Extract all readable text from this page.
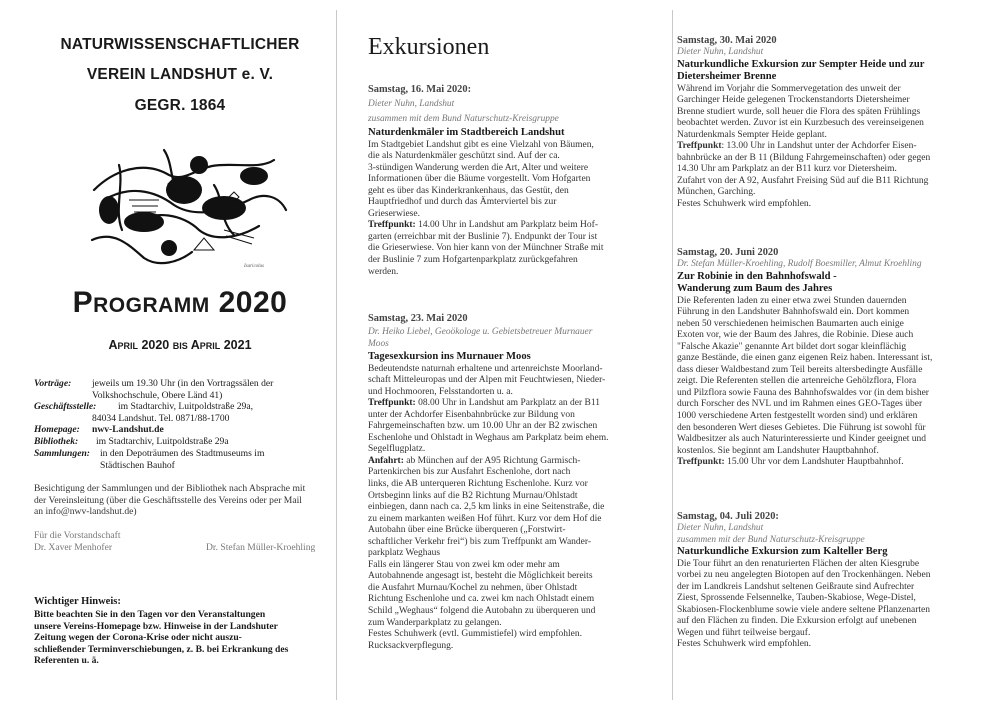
NATURWISSENSCHAFTLICHER
VEREIN LANDSHUT e. V.
GEGR. 1864
Isaricolus
Programm 2020
April 2020 bis April 2021
Vorträge: jeweils um 19.30 Uhr (in den Vortragssälen der
Volkshochschule, Obere Länd 41)
Geschäftsstelle: im Stadtarchiv, Luitpoldstraße 29a,
84034 Landshut. Tel. 0871/88-1700
Homepage: nwv-Landshut.de
Bibliothek: im Stadtarchiv, Luitpoldstraße 29a
Sammlungen: in den Depoträumen des Stadtmuseums im
Städtischen Bauhof
Besichtigung der Sammlungen und der Bibliothek nach Absprache mit
der Vereinsleitung (über die Geschäftsstelle des Vereins oder per Mail
an info@nwv-landshut.de)
Für die Vorstandschaft
Dr. Xaver Menhofer	Dr. Stefan Müller-Kroehling
Wichtiger Hinweis:
Bitte beachten Sie in den Tagen vor den Veranstaltungen
unsere Vereins-Homepage bzw. Hinweise in der Landshuter
Zeitung wegen der Corona-Krise oder nicht auszu-
schließender Terminverschiebungen, z. B. bei Erkrankung des
Referenten u. ä.
Exkursionen
Samstag, 16. Mai 2020:
Dieter Nuhn, Landshut
zusammen mit dem Bund Naturschutz-Kreisgruppe
Naturdenkmäler im Stadtbereich Landshut
Im Stadtgebiet Landshut gibt es eine Vielzahl von Bäumen,
die als Naturdenkmäler geschützt sind. Auf der ca.
3-stündigen Wanderung werden die Art, Alter und weitere
Informationen über die Bäume vorgestellt. Vom Hofgarten
geht es über das Kinderkrankenhaus, das Gestüt, den
Hauptfriedhof und durch das Ämterviertel bis zur
Grieserwiese.
Treffpunkt: 14.00 Uhr in Landshut am Parkplatz beim Hof-
garten (erreichbar mit der Buslinie 7). Endpunkt der Tour ist
die Grieserwiese. Von hier kann von der Münchner Straße mit
der Buslinie 7 zum Hofgartenparkplatz zurückgefahren
werden.
Samstag, 23. Mai 2020
Dr. Heiko Liebel, Geoökologe u. Gebietsbetreuer Murnauer
Moos
Tagesexkursion ins Murnauer Moos
Bedeutendste naturnah erhaltene und artenreichste Moorland-
schaft Mitteleuropas und der Alpen mit Feuchtwiesen, Nieder-
und Hochmooren, Felsstandorten u. a.
Treffpunkt: 08.00 Uhr in Landshut am Parkplatz an der B11
unter der Achdorfer Eisenbahnbrücke zur Bildung von
Fahrgemeinschaften bzw. um 10.00 Uhr an der B2 zwischen
Eschenlohe und Ohlstadt in Weghaus am Parkplatz beim ehem.
Segelflugplatz.
Anfahrt: ab München auf der A95 Richtung Garmisch-
Partenkirchen bis zur Ausfahrt Eschenlohe, dort nach
links, die AB unterqueren Richtung Eschenlohe. Kurz vor
Ortsbeginn links auf die B2 Richtung Murnau/Ohlstadt
einbiegen, dann nach ca. 2,5 km links in eine Seitenstraße, die
zu einem markanten weißen Hof führt. Kurz vor dem Hof die
Autobahn über eine Brücke überqueren („Forstwirt-
schaftlicher Verkehr frei“) bis zum Treffpunkt am Wander-
parkplatz Weghaus
Falls ein längerer Stau von zwei km oder mehr am
Autobahnende angesagt ist, besteht die Möglichkeit bereits
die Ausfahrt Murnau/Kochel zu nehmen, über Ohlstadt
Richtung Eschenlohe und ca. zwei km nach Ohlstadt einem
Schild „Weghaus“ folgend die Autobahn zu überqueren und
zum Wanderparkplatz zu gelangen.
Festes Schuhwerk (evtl. Gummistiefel) wird empfohlen.
Rucksackverpflegung.
Samstag, 30. Mai 2020
Dieter Nuhn, Landshut
Naturkundliche Exkursion zur Sempter Heide und zur
Dietersheimer Brenne
Während im Vorjahr die Sommervegetation des unweit der
Garchinger Heide gelegenen Trockenstandorts Dietersheimer
Brenne studiert wurde, soll heuer die Flora des späten Frühlings
beobachtet werden. Zuvor ist ein Kurzbesuch des vereinseigenen
Naturdenkmals Sempter Heide geplant.
Treffpunkt: 13.00 Uhr in Landshut unter der Achdorfer Eisen-
bahnbrücke an der B 11 (Bildung Fahrgemeinschaften) oder gegen
14.30 Uhr am Parkplatz an der B11 kurz vor Dietersheim.
Zufahrt von der A 92, Ausfahrt Freising Süd auf die B11 Richtung
München, Garching.
Festes Schuhwerk wird empfohlen.
Samstag, 20. Juni 2020
Dr. Stefan Müller-Kroehling, Rudolf Boesmiller, Almut Kroehling
Zur Robinie in den Bahnhofswald -
Wanderung zum Baum des Jahres
Die Referenten laden zu einer etwa zwei Stunden dauernden
Führung in den Landshuter Bahnhofswald ein. Dort kommen
neben 50 verschiedenen heimischen Baumarten auch einige
Exoten vor, wie der Baum des Jahres, die Robinie. Diese auch
"Falsche Akazie" genannte Art bildet dort sogar kleinflächig
ganze Bestände, die einen ganz eigenen Reiz haben. Interessant ist,
dass dieser Waldbestand zum Teil bereits altersbedingte Ausfälle
zeigt. Die Referenten stellen die artenreiche Gehölzflora, Flora
und Pilzflora sowie Fauna des Bahnhofswaldes vor (in dem bisher
durch Forscher des NVL und im Rahmen eines GEO-Tages über
1000 verschiedene Arten festgestellt worden sind) und erklären
den besonderen Wert dieses Gebietes. Die Führung ist sowohl für
Waldbesitzer als auch Naturinteressierte und Kinder geeignet und
kostenlos. Sie beginnt am Landshuter Hauptbahnhof.
Treffpunkt: 15.00 Uhr vor dem Landshuter Hauptbahnhof.
Samstag, 04. Juli 2020:
Dieter Nuhn, Landshut
zusammen mit der Bund Naturschutz-Kreisgruppe
Naturkundliche Exkursion zum Kalteller Berg
Die Tour führt an den renaturierten Flächen der alten Kiesgrube
vorbei zu neu angelegten Biotopen auf den Trockenhängen. Neben
der im Landkreis Landshut seltenen Geißraute sind Aufrechter
Ziest, Sprossende Felsennelke, Tauben-Skabiose, Wege-Distel,
Skabiosen-Flockenblume sowie viele andere seltene Pflanzenarten
auf den Flächen zu finden. Die Exkursion erfolgt auf unebenen
Wegen und führt teilweise bergauf.
Festes Schuhwerk wird empfohlen.
